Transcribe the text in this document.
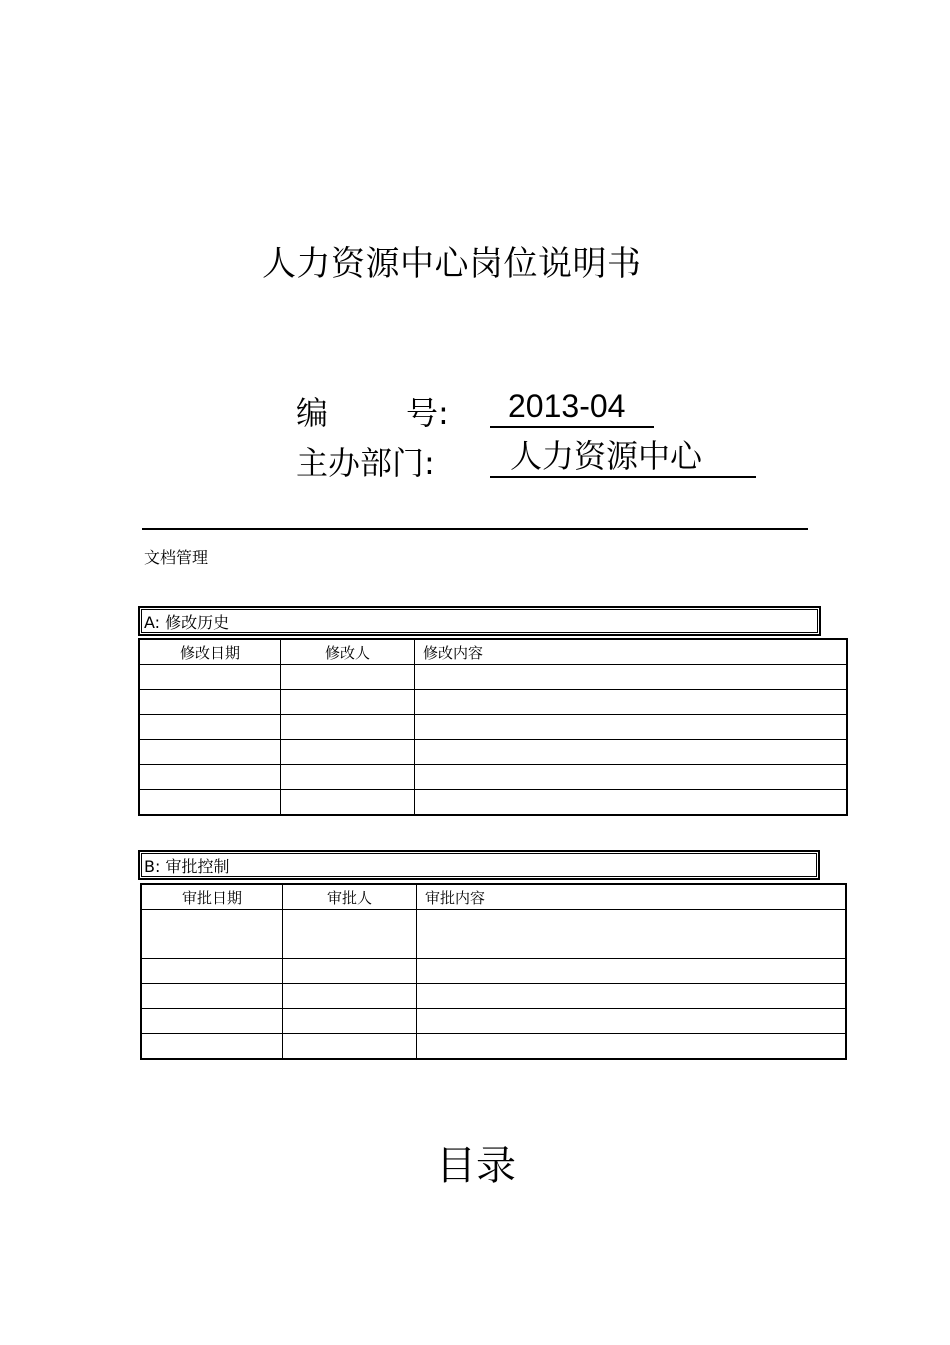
人力资源中心岗位说明书
编 号:	2013-04
主办部门:	人力资源中心
文档管理
A: 修改历史
修改日期	修改人	修改内容

B: 审批控制
审批日期	审批人	审批内容

目录
